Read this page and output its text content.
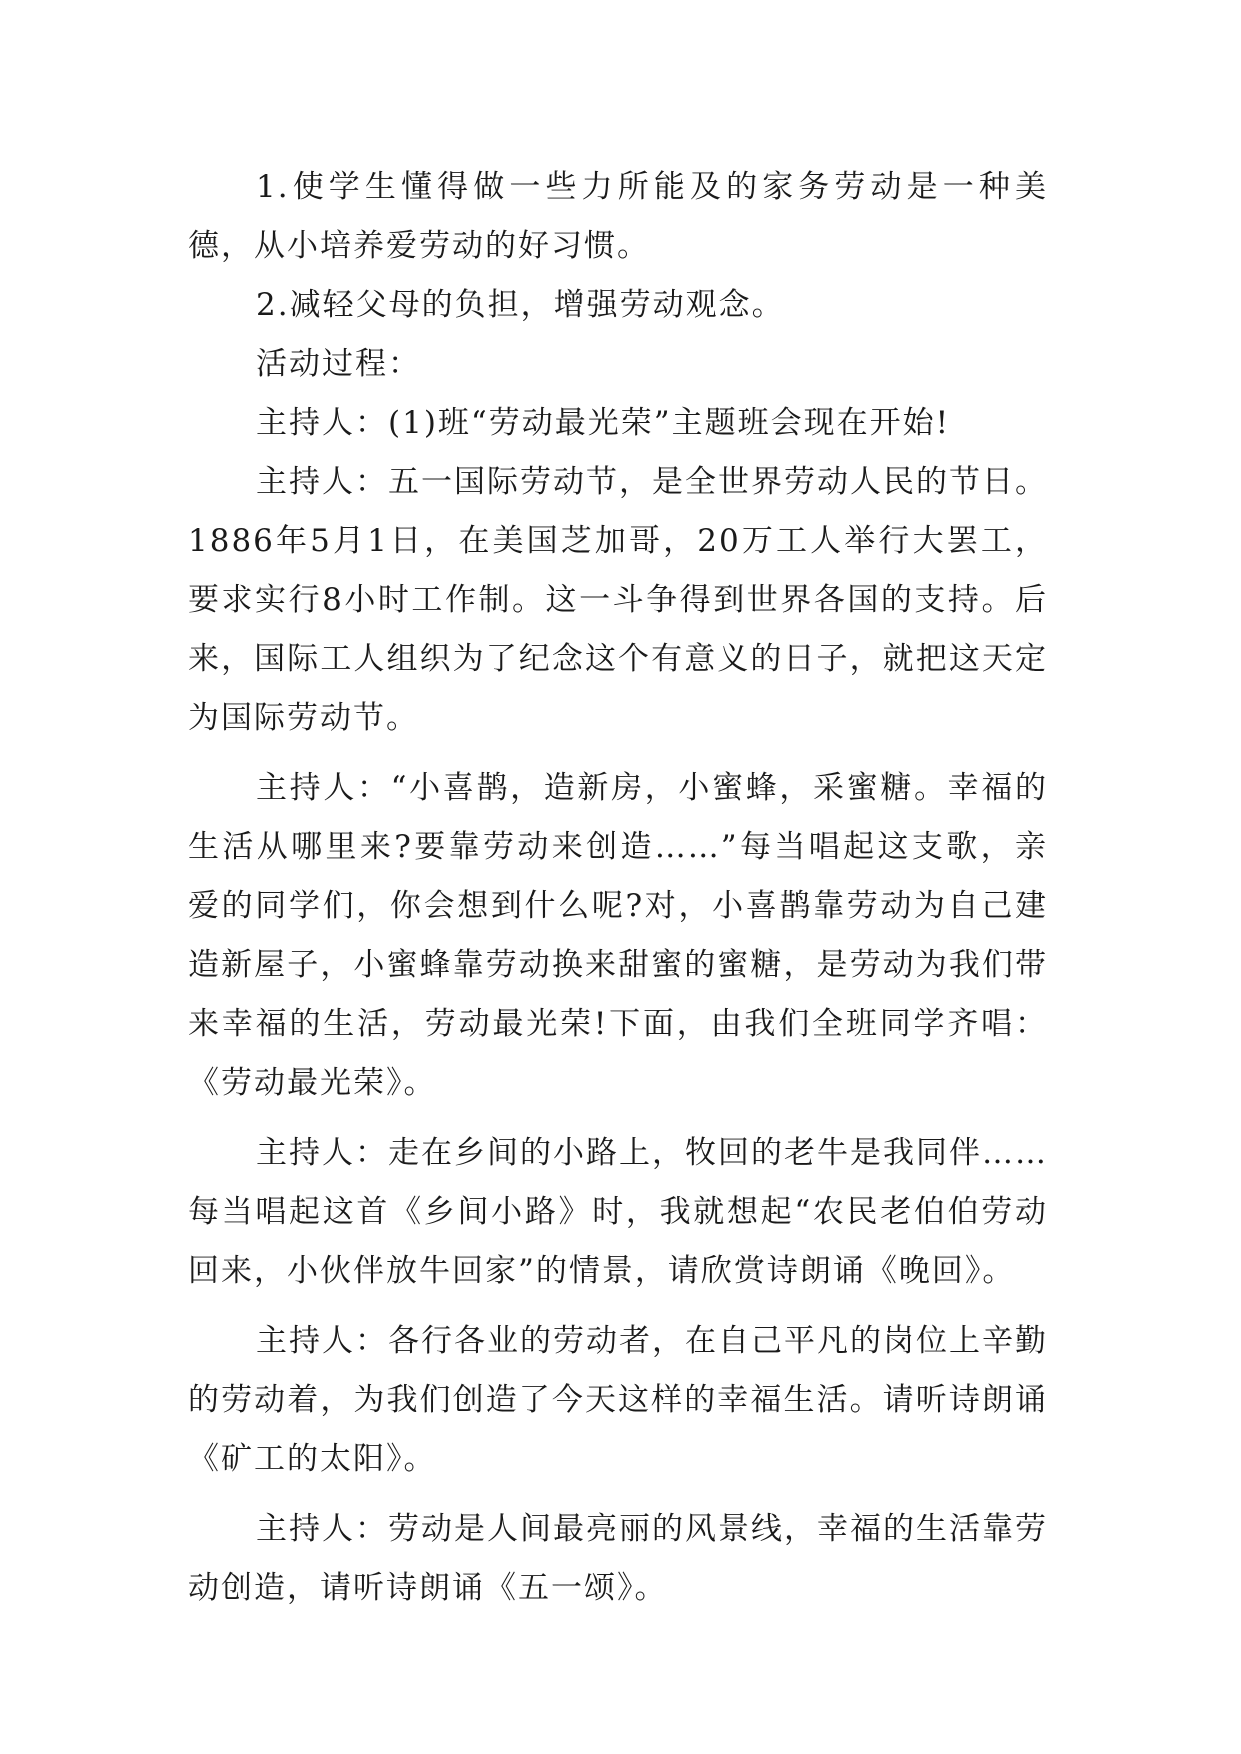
1.使学生懂得做一些力所能及的家务劳动是一种美德，从小培养爱劳动的好习惯。

2.减轻父母的负担，增强劳动观念。

活动过程：

主持人：(1)班“劳动最光荣”主题班会现在开始!

主持人：五一国际劳动节，是全世界劳动人民的节日。1886年5月1日，在美国芝加哥，20万工人举行大罢工，要求实行8小时工作制。这一斗争得到世界各国的支持。后来，国际工人组织为了纪念这个有意义的日子，就把这天定为国际劳动节。

主持人：“小喜鹊，造新房，小蜜蜂，采蜜糖。幸福的生活从哪里来?要靠劳动来创造……”每当唱起这支歌，亲爱的同学们，你会想到什么呢?对，小喜鹊靠劳动为自己建造新屋子，小蜜蜂靠劳动换来甜蜜的蜜糖，是劳动为我们带来幸福的生活，劳动最光荣!下面，由我们全班同学齐唱：《劳动最光荣》。

主持人：走在乡间的小路上，牧回的老牛是我同伴……每当唱起这首《乡间小路》时，我就想起“农民老伯伯劳动回来，小伙伴放牛回家”的情景，请欣赏诗朗诵《晚回》。

主持人：各行各业的劳动者，在自己平凡的岗位上辛勤的劳动着，为我们创造了今天这样的幸福生活。请听诗朗诵《矿工的太阳》。

主持人：劳动是人间最亮丽的风景线，幸福的生活靠劳动创造，请听诗朗诵《五一颂》。
